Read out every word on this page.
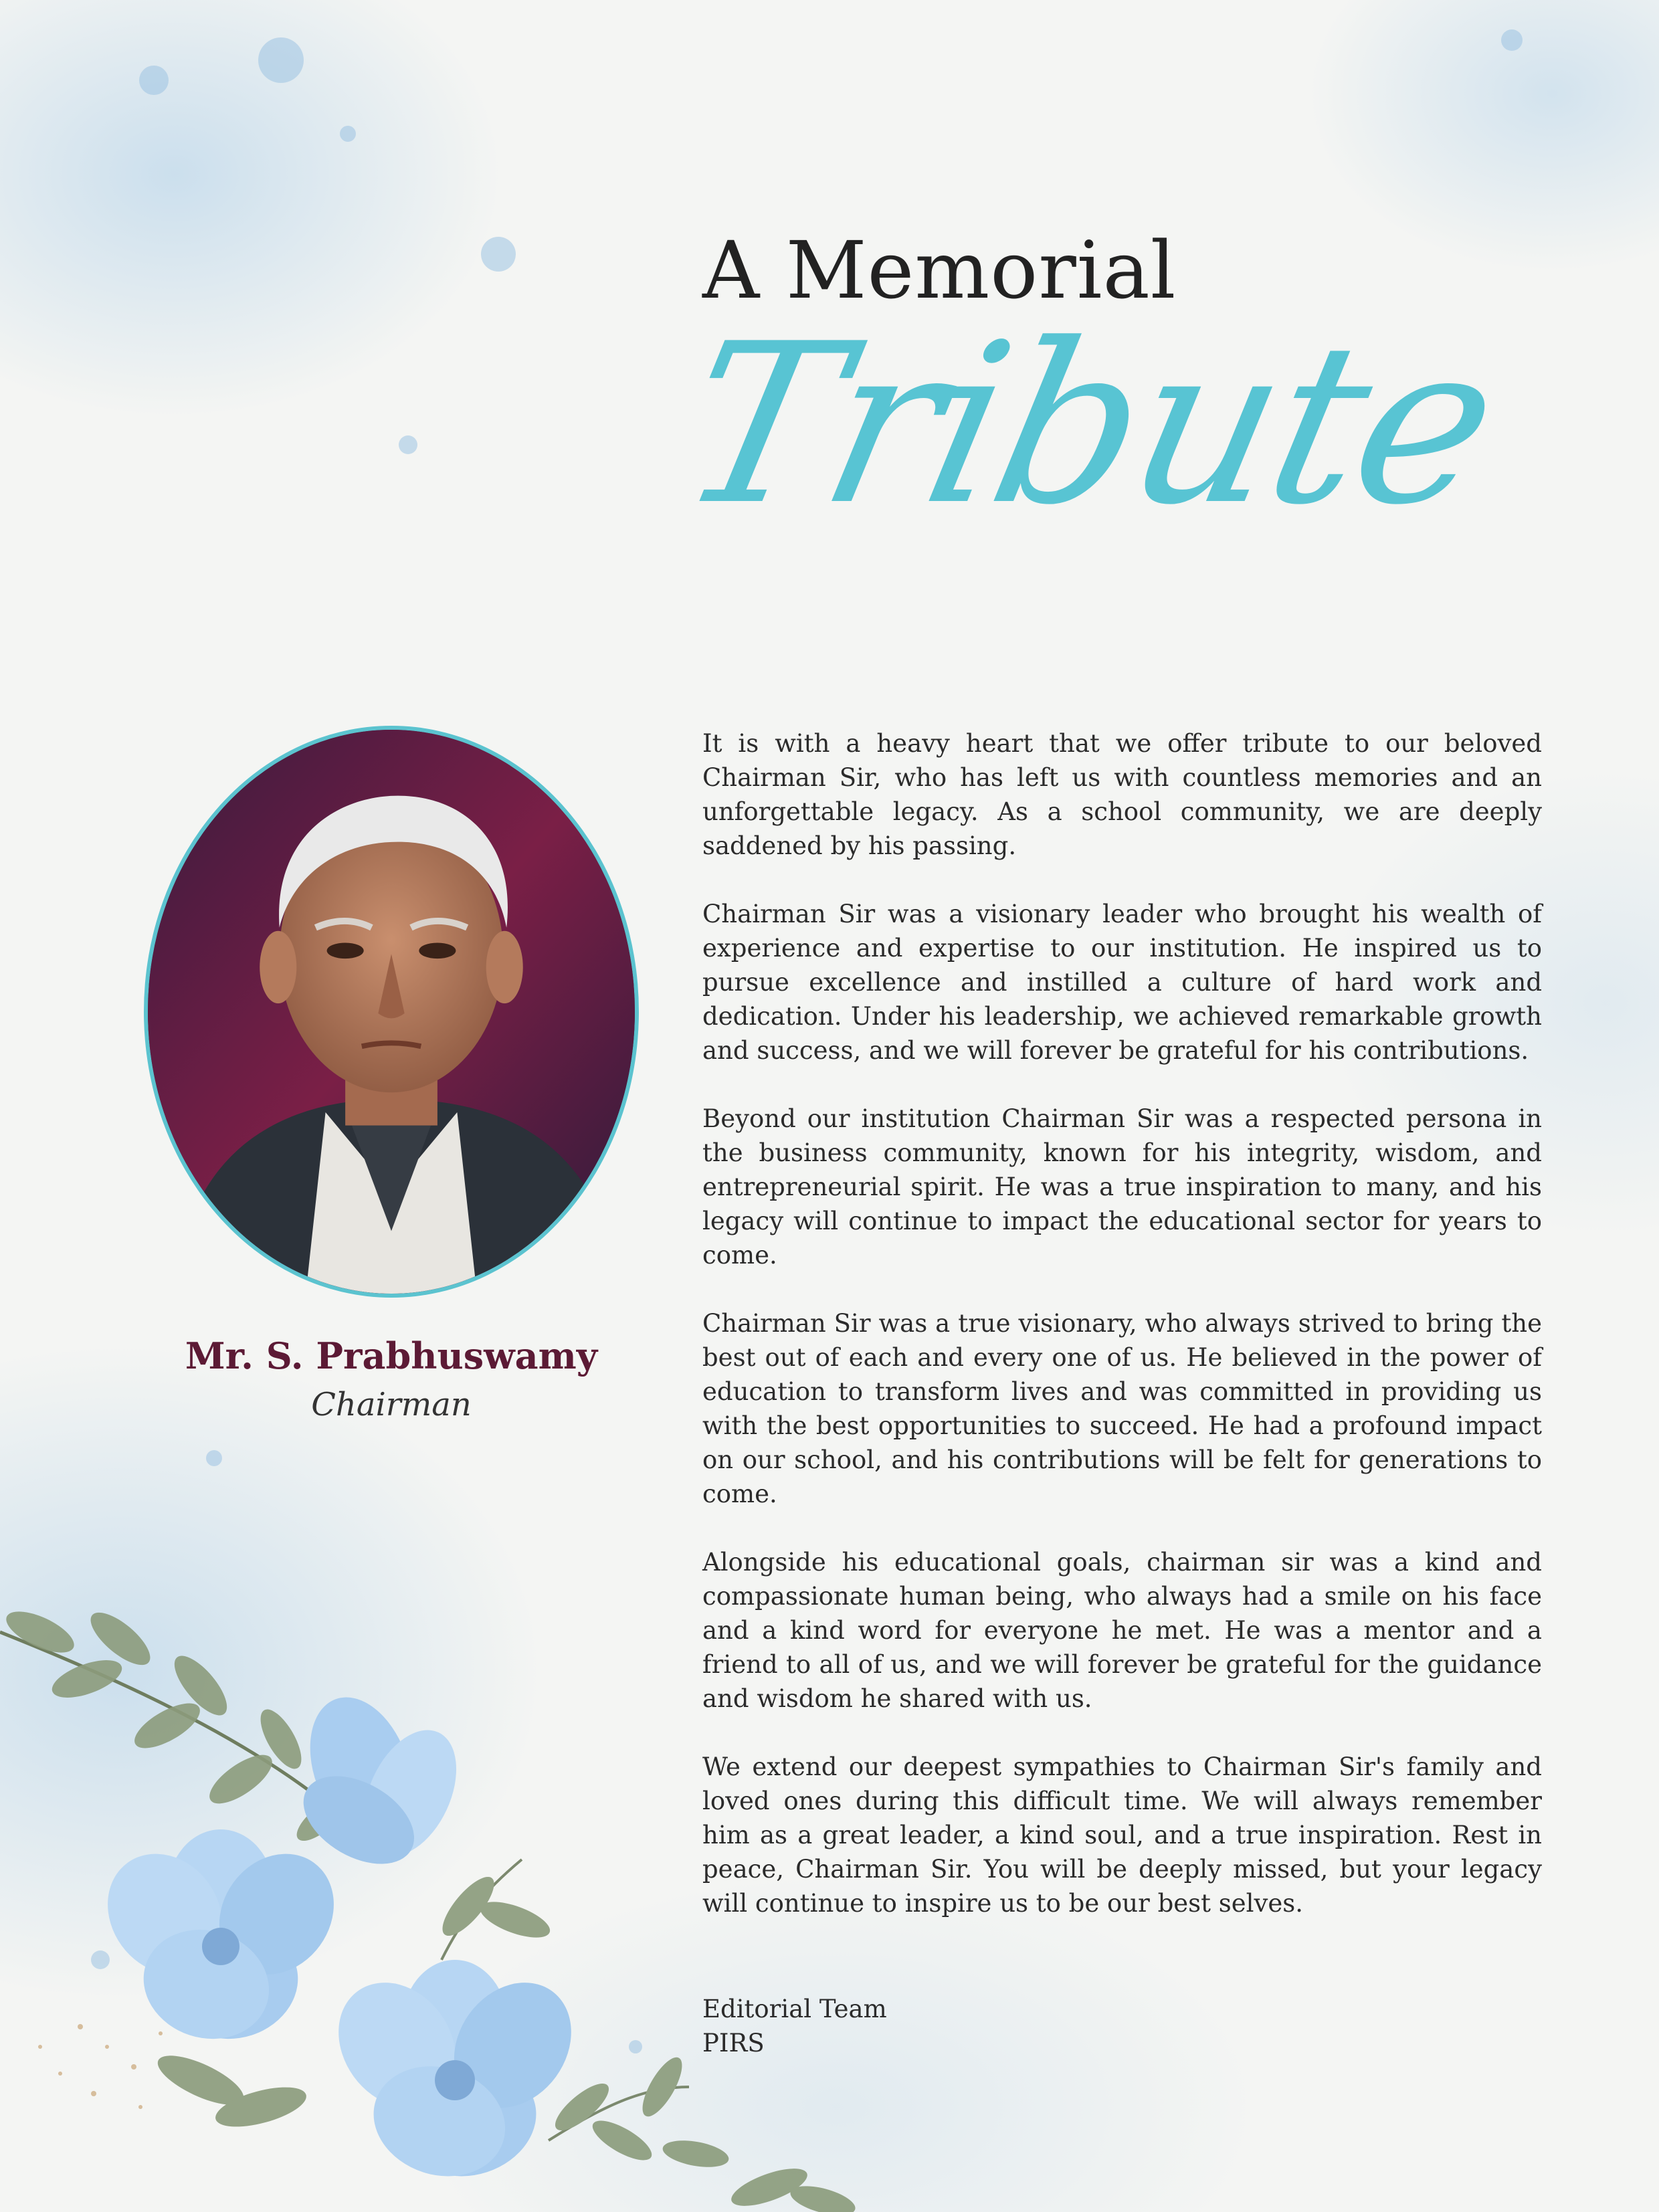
A Memorial
Tribute
Mr. S. Prabhuswamy
Chairman

It is with a heavy heart that we offer tribute to our beloved Chairman Sir, who has left us with countless memories and an unforgettable legacy. As a school community, we are deeply saddened by his passing.

Chairman Sir was a visionary leader who brought his wealth of experience and expertise to our institution. He inspired us to pursue excellence and instilled a culture of hard work and dedication. Under his leadership, we achieved remarkable growth and success, and we will forever be grateful for his contributions.

Beyond our institution Chairman Sir was a respected persona in the business community, known for his integrity, wisdom, and entrepreneurial spirit. He was a true inspiration to many, and his legacy will continue to impact the educational sector for years to come.

Chairman Sir was a true visionary, who always strived to bring the best out of each and every one of us. He believed in the power of education to transform lives and was committed in providing us with the best opportunities to succeed. He had a profound impact on our school, and his contributions will be felt for generations to come.

Alongside his educational goals, chairman sir was a kind and compassionate human being, who always had a smile on his face and a kind word for everyone he met. He was a mentor and a friend to all of us, and we will forever be grateful for the guidance and wisdom he shared with us.

We extend our deepest sympathies to Chairman Sir's family and loved ones during this difficult time. We will always remember him as a great leader, a kind soul, and a true inspiration. Rest in peace, Chairman Sir. You will be deeply missed, but your legacy will continue to inspire us to be our best selves.

Editorial Team
PIRS
